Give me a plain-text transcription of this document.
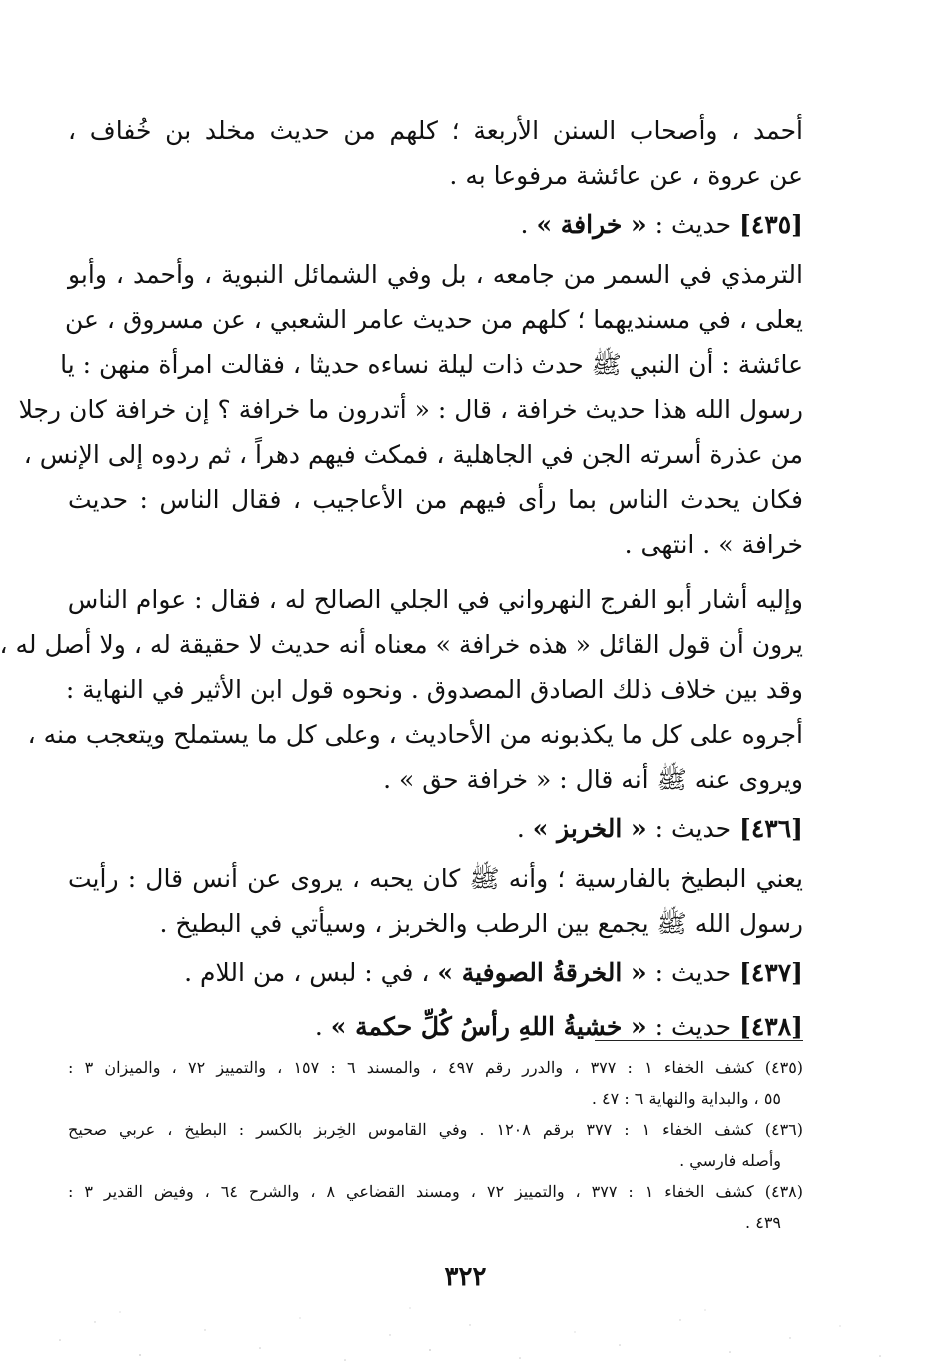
أحمد ، وأصحاب السنن الأربعة ؛ كلهم من حديث مخلد بن خُفاف ،
عن عروة ، عن عائشة مرفوعا به .
[٤٣٥] حديث : « خرافة » .
الترمذي في السمر من جامعه ، بل وفي الشمائل النبوية ، وأحمد ، وأبو
يعلى ، في مسنديهما ؛ كلهم من حديث عامر الشعبي ، عن مسروق ، عن
عائشة : أن النبي ﷺ حدث ذات ليلة نساءه حديثا ، فقالت امرأة منهن : يا
رسول الله هذا حديث خرافة ، قال : « أتدرون ما خرافة ؟ إن خرافة كان رجلا
من عذرة أسرته الجن في الجاهلية ، فمكث فيهم دهراً ، ثم ردوه إلى الإنس ،
فكان يحدث الناس بما رأى فيهم من الأعاجيب ، فقال الناس : حديث
خرافة » . انتهى .
وإليه أشار أبو الفرج النهرواني في الجلي الصالح له ، فقال : عوام الناس
يرون أن قول القائل « هذه خرافة » معناه أنه حديث لا حقيقة له ، ولا أصل له ،
وقد بين خلاف ذلك الصادق المصدوق . ونحوه قول ابن الأثير في النهاية :
أجروه على كل ما يكذبونه من الأحاديث ، وعلى كل ما يستملح ويتعجب منه ،
ويروى عنه ﷺ أنه قال : « خرافة حق » .
[٤٣٦] حديث : « الخربز » .
يعني البطيخ بالفارسية ؛ وأنه ﷺ كان يحبه ، يروى عن أنس قال : رأيت
رسول الله ﷺ يجمع بين الرطب والخربز ، وسيأتي في البطيخ .
[٤٣٧] حديث : « الخرقةُ الصوفية » ، في : لبس ، من اللام .
[٤٣٨] حديث : « خشيةُ اللهِ رأسُ كُلِّ حكمة » .
(٤٣٥) كشف الخفاء ١ : ٣٧٧ ، والدرر رقم ٤٩٧ ، والمسند ٦ : ١٥٧ ، والتمييز ٧٢ ، والميزان ٣ :
٥٥ ، والبداية والنهاية ٦ : ٤٧ .
(٤٣٦) كشف الخفاء ١ : ٣٧٧ برقم ١٢٠٨ . وفي القاموس الخِربز بالكسر : البطيخ ، عربي صحيح
وأصله فارسي .
(٤٣٨) كشف الخفاء ١ : ٣٧٧ ، والتمييز ٧٢ ، ومسند القضاعي ٨ ، والشرح ٦٤ ، وفيض القدير ٣ :
٤٣٩ .
٣٢٢
